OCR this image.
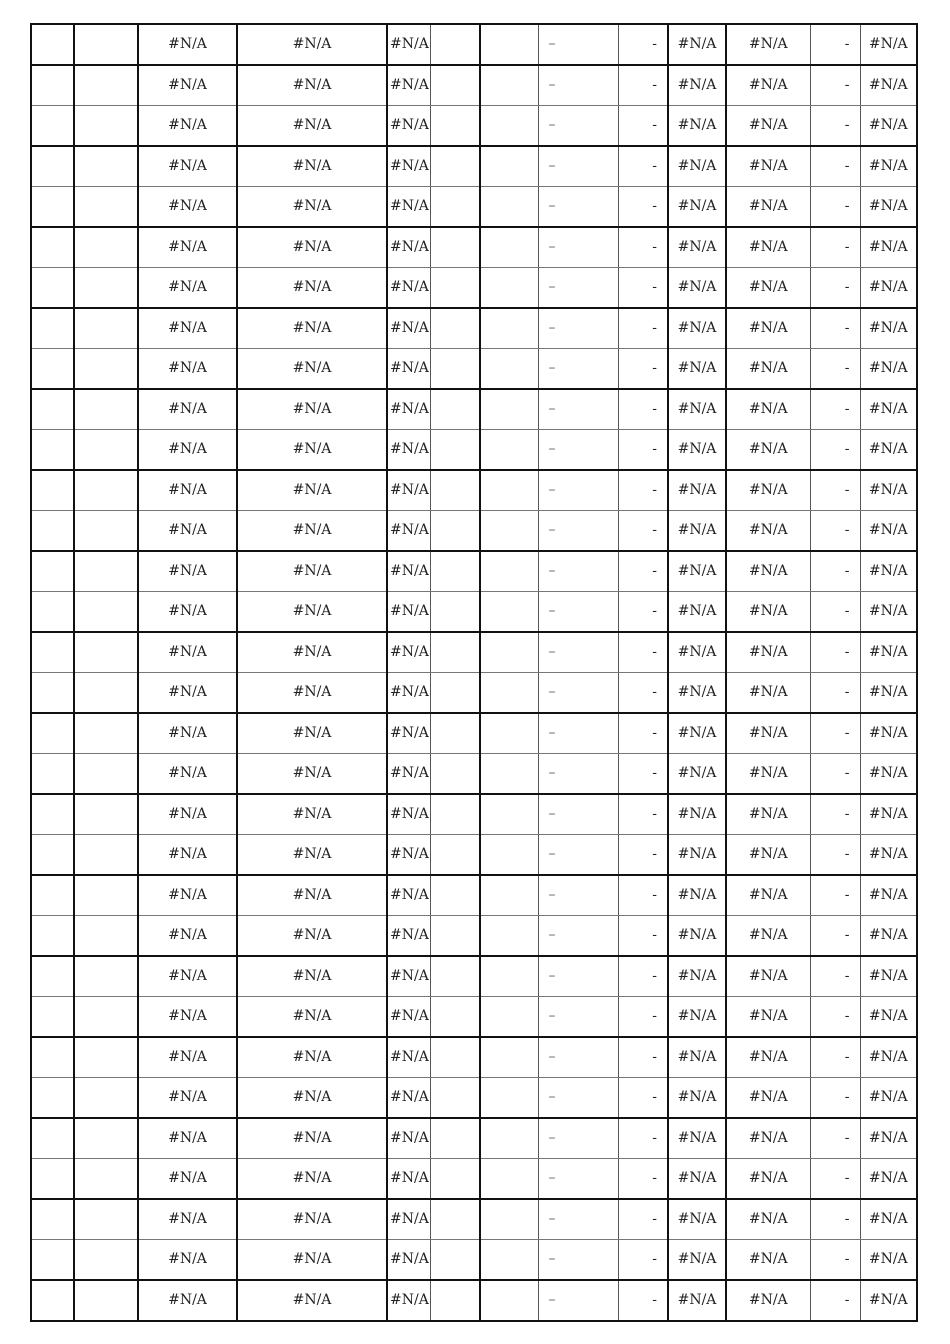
		#N/A	#N/A	#N/A			–	-	#N/A	#N/A	-	#N/A
		#N/A	#N/A	#N/A			–	-	#N/A	#N/A	-	#N/A
		#N/A	#N/A	#N/A			–	-	#N/A	#N/A	-	#N/A
		#N/A	#N/A	#N/A			–	-	#N/A	#N/A	-	#N/A
		#N/A	#N/A	#N/A			–	-	#N/A	#N/A	-	#N/A
		#N/A	#N/A	#N/A			–	-	#N/A	#N/A	-	#N/A
		#N/A	#N/A	#N/A			–	-	#N/A	#N/A	-	#N/A
		#N/A	#N/A	#N/A			–	-	#N/A	#N/A	-	#N/A
		#N/A	#N/A	#N/A			–	-	#N/A	#N/A	-	#N/A
		#N/A	#N/A	#N/A			–	-	#N/A	#N/A	-	#N/A
		#N/A	#N/A	#N/A			–	-	#N/A	#N/A	-	#N/A
		#N/A	#N/A	#N/A			–	-	#N/A	#N/A	-	#N/A
		#N/A	#N/A	#N/A			–	-	#N/A	#N/A	-	#N/A
		#N/A	#N/A	#N/A			–	-	#N/A	#N/A	-	#N/A
		#N/A	#N/A	#N/A			–	-	#N/A	#N/A	-	#N/A
		#N/A	#N/A	#N/A			–	-	#N/A	#N/A	-	#N/A
		#N/A	#N/A	#N/A			–	-	#N/A	#N/A	-	#N/A
		#N/A	#N/A	#N/A			–	-	#N/A	#N/A	-	#N/A
		#N/A	#N/A	#N/A			–	-	#N/A	#N/A	-	#N/A
		#N/A	#N/A	#N/A			–	-	#N/A	#N/A	-	#N/A
		#N/A	#N/A	#N/A			–	-	#N/A	#N/A	-	#N/A
		#N/A	#N/A	#N/A			–	-	#N/A	#N/A	-	#N/A
		#N/A	#N/A	#N/A			–	-	#N/A	#N/A	-	#N/A
		#N/A	#N/A	#N/A			–	-	#N/A	#N/A	-	#N/A
		#N/A	#N/A	#N/A			–	-	#N/A	#N/A	-	#N/A
		#N/A	#N/A	#N/A			–	-	#N/A	#N/A	-	#N/A
		#N/A	#N/A	#N/A			–	-	#N/A	#N/A	-	#N/A
		#N/A	#N/A	#N/A			–	-	#N/A	#N/A	-	#N/A
		#N/A	#N/A	#N/A			–	-	#N/A	#N/A	-	#N/A
		#N/A	#N/A	#N/A			–	-	#N/A	#N/A	-	#N/A
		#N/A	#N/A	#N/A			–	-	#N/A	#N/A	-	#N/A
		#N/A	#N/A	#N/A			–	-	#N/A	#N/A	-	#N/A
